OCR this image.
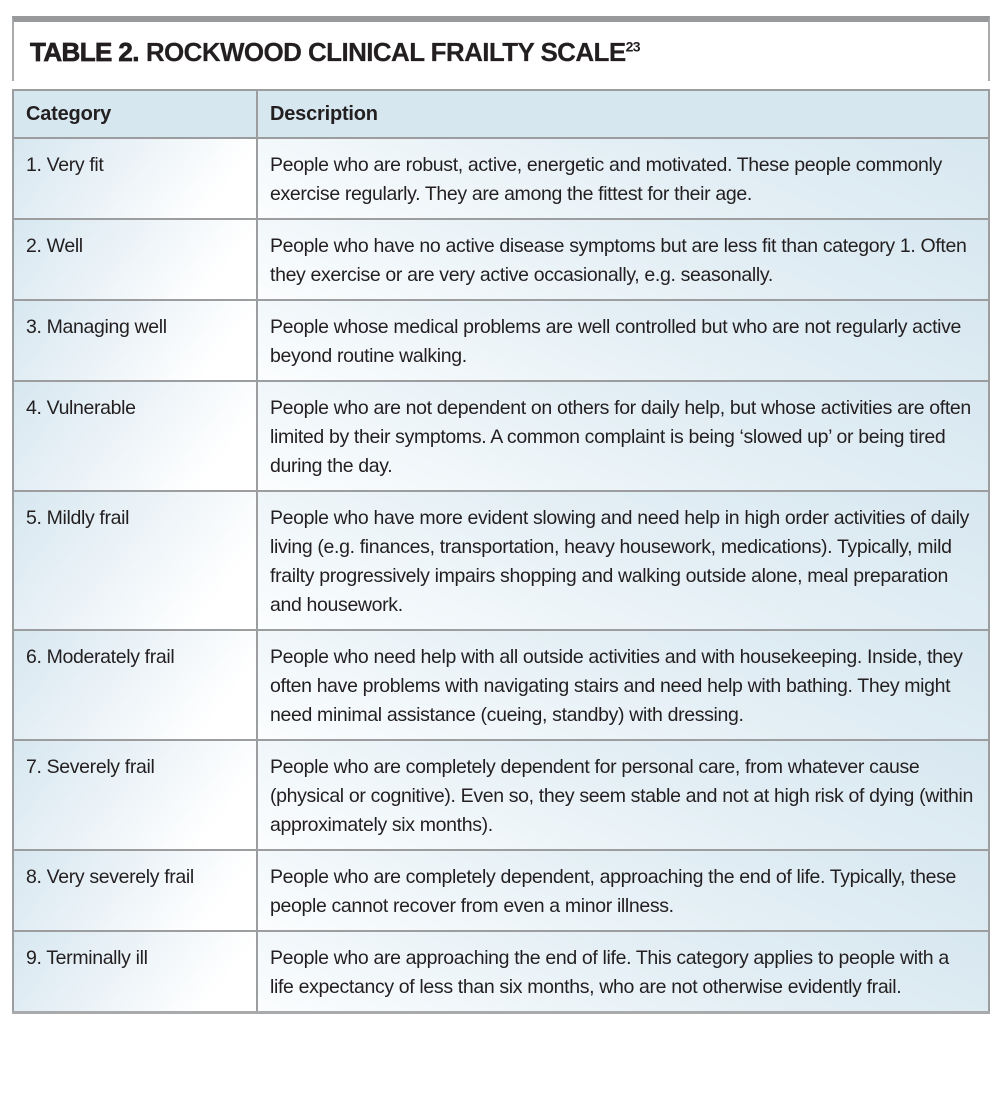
TABLE 2. ROCKWOOD CLINICAL FRAILTY SCALE$^{23}$
Category	Description
1. Very fit	People who are robust, active, energetic and motivated. These people commonly exercise regularly. They are among the fittest for their age.
2. Well	People who have no active disease symptoms but are less fit than category 1. Often they exercise or are very active occasionally, e.g. seasonally.
3. Managing well	People whose medical problems are well controlled but who are not regularly active beyond routine walking.
4. Vulnerable	People who are not dependent on others for daily help, but whose activities are often limited by their symptoms. A common complaint is being ‘slowed up’ or being tired during the day.
5. Mildly frail	People who have more evident slowing and need help in high order activities of daily living (e.g. finances, transportation, heavy housework, medications). Typically, mild frailty progressively impairs shopping and walking outside alone, meal preparation and housework.
6. Moderately frail	People who need help with all outside activities and with housekeeping. Inside, they often have problems with navigating stairs and need help with bathing. They might need minimal assistance (cueing, standby) with dressing.
7. Severely frail	People who are completely dependent for personal care, from whatever cause (physical or cognitive). Even so, they seem stable and not at high risk of dying (within approximately six months).
8. Very severely frail	People who are completely dependent, approaching the end of life. Typically, these people cannot recover from even a minor illness.
9. Terminally ill	People who are approaching the end of life. This category applies to people with a life expectancy of less than six months, who are not otherwise evidently frail.
